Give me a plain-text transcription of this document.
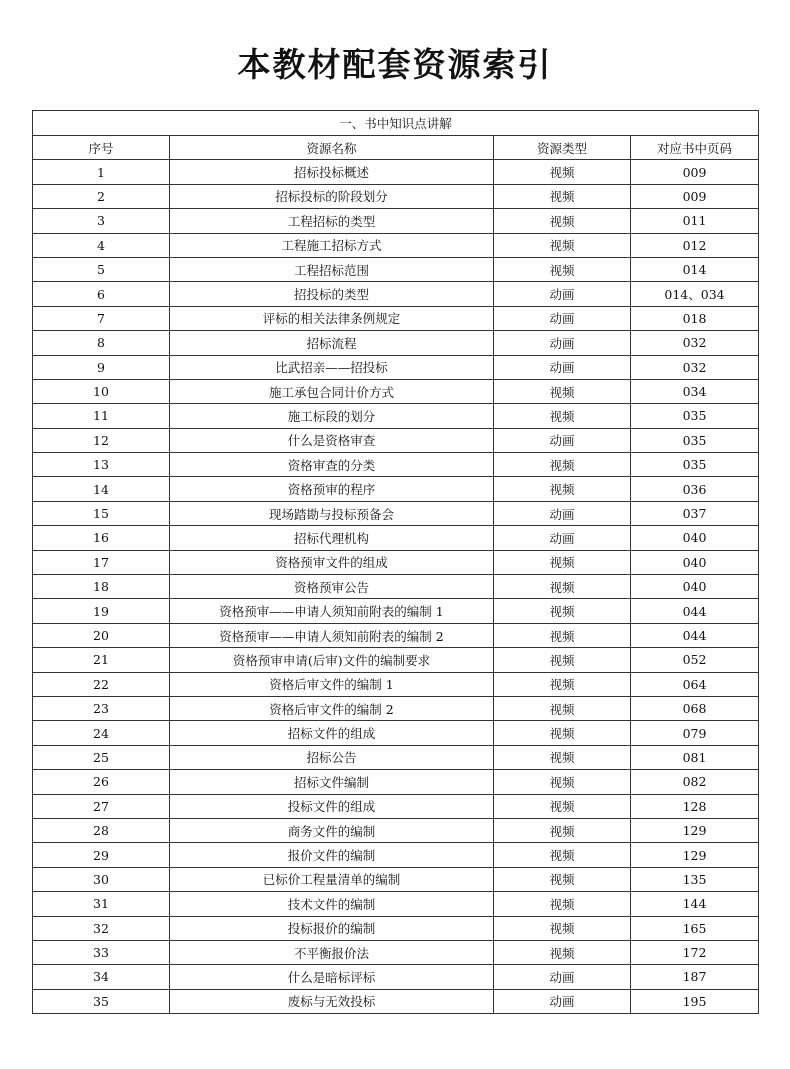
本教材配套资源索引
一、书中知识点讲解			
序号	资源名称	资源类型	对应书中页码
1	招标投标概述	视频	009
2	招标投标的阶段划分	视频	009
3	工程招标的类型	视频	011
4	工程施工招标方式	视频	012
5	工程招标范围	视频	014
6	招投标的类型	动画	014、034
7	评标的相关法律条例规定	动画	018
8	招标流程	动画	032
9	比武招亲——招投标	动画	032
10	施工承包合同计价方式	视频	034
11	施工标段的划分	视频	035
12	什么是资格审查	动画	035
13	资格审查的分类	视频	035
14	资格预审的程序	视频	036
15	现场踏勘与投标预备会	动画	037
16	招标代理机构	动画	040
17	资格预审文件的组成	视频	040
18	资格预审公告	视频	040
19	资格预审——申请人须知前附表的编制 1	视频	044
20	资格预审——申请人须知前附表的编制 2	视频	044
21	资格预审申请(后审)文件的编制要求	视频	052
22	资格后审文件的编制 1	视频	064
23	资格后审文件的编制 2	视频	068
24	招标文件的组成	视频	079
25	招标公告	视频	081
26	招标文件编制	视频	082
27	投标文件的组成	视频	128
28	商务文件的编制	视频	129
29	报价文件的编制	视频	129
30	已标价工程量清单的编制	视频	135
31	技术文件的编制	视频	144
32	投标报价的编制	视频	165
33	不平衡报价法	视频	172
34	什么是暗标评标	动画	187
35	废标与无效投标	动画	195
